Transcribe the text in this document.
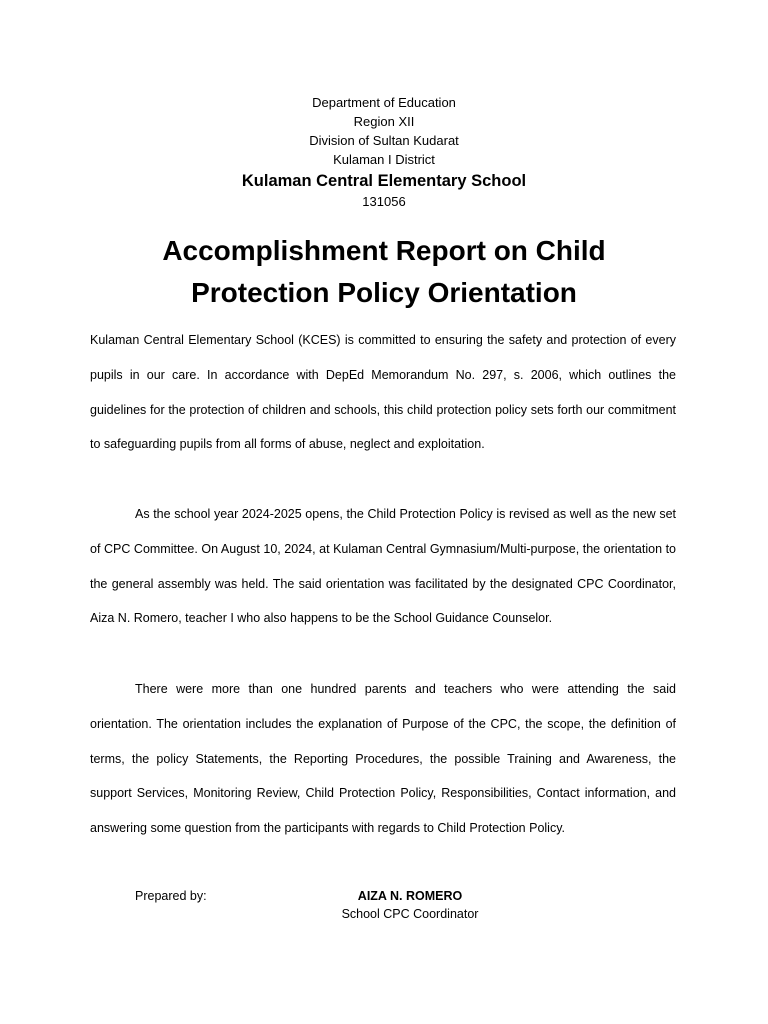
Department of Education
Region XII
Division of Sultan Kudarat
Kulaman I District
Kulaman Central Elementary School
131056
Accomplishment Report on Child
Protection Policy Orientation

Kulaman Central Elementary School (KCES) is committed to ensuring the safety and protection of every pupils in our care. In accordance with DepEd Memorandum No. 297, s. 2006, which outlines the guidelines for the protection of children and schools, this child protection policy sets forth our commitment to safeguarding pupils from all forms of abuse, neglect and exploitation.

As the school year 2024-2025 opens, the Child Protection Policy is revised as well as the new set of CPC Committee. On August 10, 2024, at Kulaman Central Gymnasium/Multi-purpose, the orientation to the general assembly was held. The said orientation was facilitated by the designated CPC Coordinator, Aiza N. Romero, teacher I who also happens to be the School Guidance Counselor.

There were more than one hundred parents and teachers who were attending the said orientation. The orientation includes the explanation of Purpose of the CPC, the scope, the definition of terms, the policy Statements, the Reporting Procedures, the possible Training and Awareness, the support Services, Monitoring Review, Child Protection Policy, Responsibilities, Contact information, and answering some question from the participants with regards to Child Protection Policy.

Prepared by:	AIZA N. ROMERO
School CPC Coordinator
